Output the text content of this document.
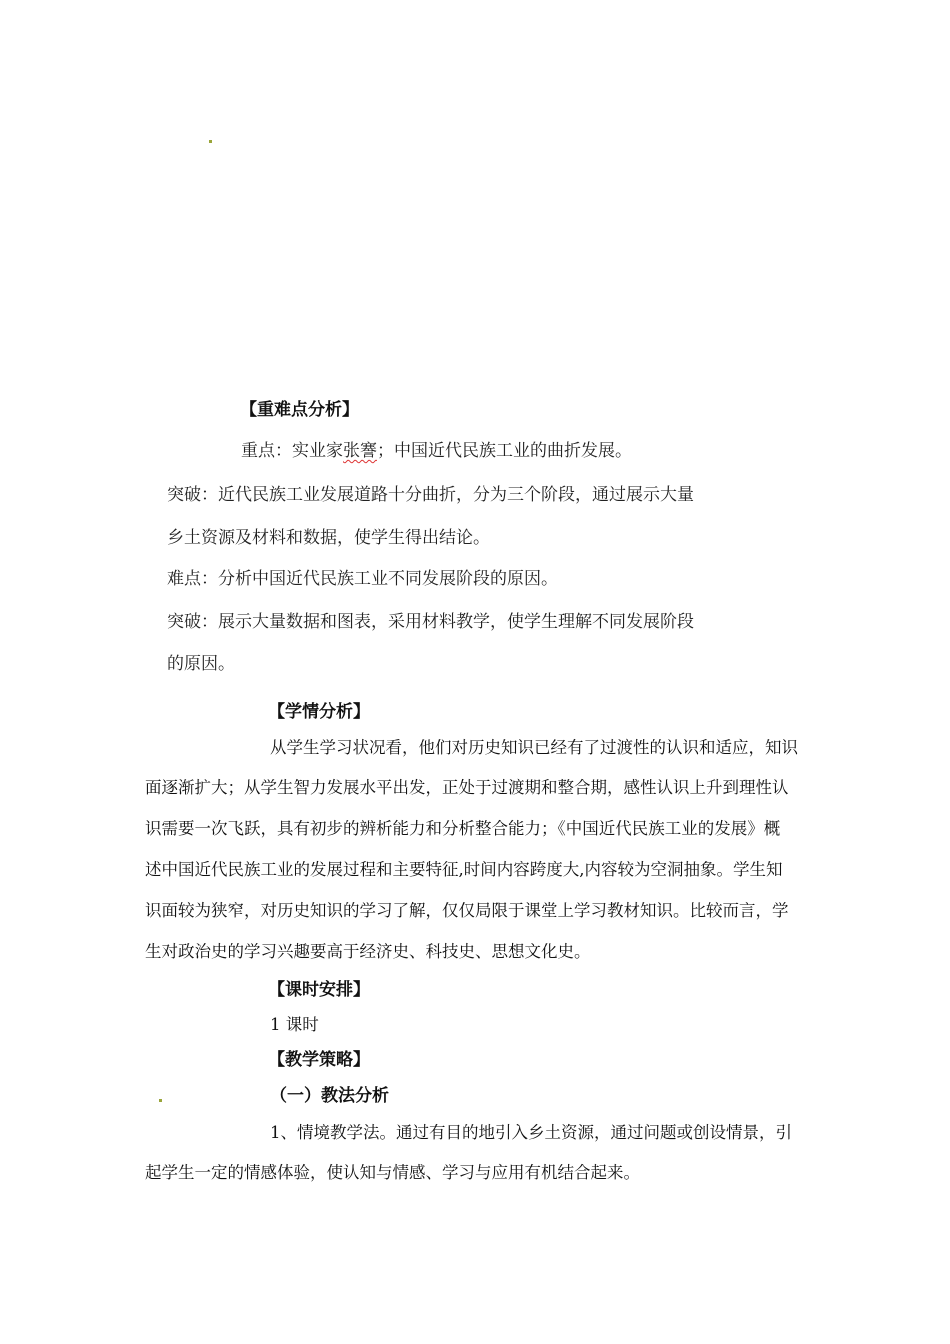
【重难点分析】
重点：实业家张謇；中国近代民族工业的曲折发展。
突破：近代民族工业发展道路十分曲折，分为三个阶段，通过展示大量
乡土资源及材料和数据，使学生得出结论。
难点：分析中国近代民族工业不同发展阶段的原因。
突破：展示大量数据和图表，采用材料教学，使学生理解不同发展阶段
的原因。
【学情分析】
从学生学习状况看，他们对历史知识已经有了过渡性的认识和适应，知识
面逐渐扩大；从学生智力发展水平出发，正处于过渡期和整合期，感性认识上升到理性认
识需要一次飞跃，具有初步的辨析能力和分析整合能力；《中国近代民族工业的发展》概
述中国近代民族工业的发展过程和主要特征,时间内容跨度大,内容较为空洞抽象。学生知
识面较为狭窄，对历史知识的学习了解，仅仅局限于课堂上学习教材知识。比较而言，学
生对政治史的学习兴趣要高于经济史、科技史、思想文化史。
【课时安排】
1 课时
【教学策略】
（一）教法分析
1、情境教学法。通过有目的地引入乡土资源，通过问题或创设情景，引
起学生一定的情感体验，使认知与情感、学习与应用有机结合起来。
